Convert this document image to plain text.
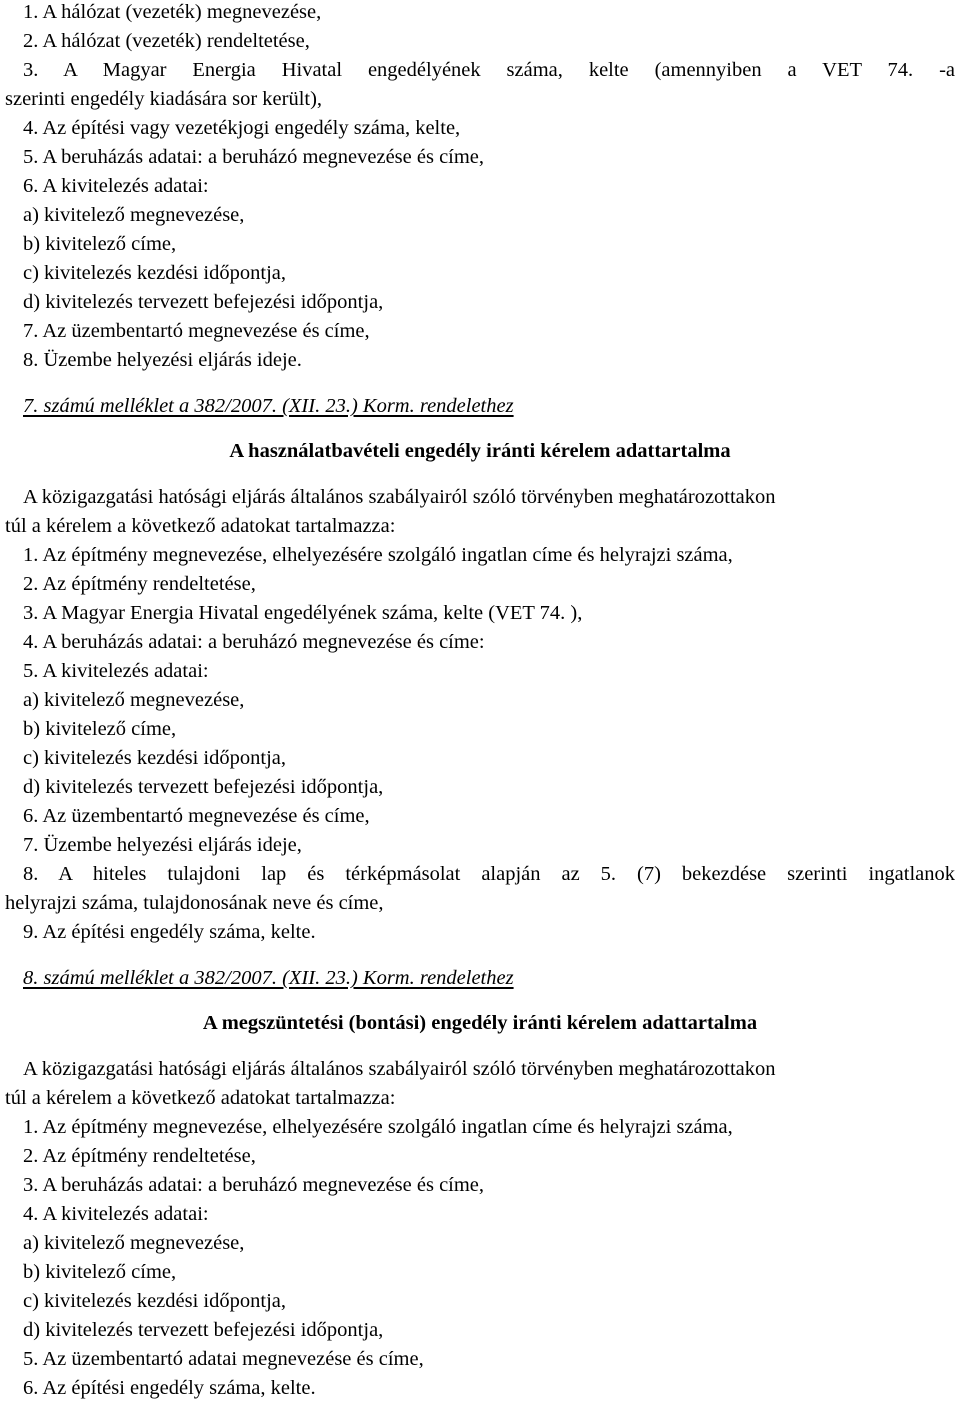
1. A hálózat (vezeték) megnevezése,
2. A hálózat (vezeték) rendeltetése,
3. A Magyar Energia Hivatal engedélyének száma, kelte (amennyiben a VET 74. -a
szerinti engedély kiadására sor került),
4. Az építési vagy vezetékjogi engedély száma, kelte,
5. A beruházás adatai: a beruházó megnevezése és címe,
6. A kivitelezés adatai:
a) kivitelező megnevezése,
b) kivitelező címe,
c) kivitelezés kezdési időpontja,
d) kivitelezés tervezett befejezési időpontja,
7. Az üzembentartó megnevezése és címe,
8. Üzembe helyezési eljárás ideje.
7. számú melléklet a 382/2007. (XII. 23.) Korm. rendelethez
A használatbavételi engedély iránti kérelem adattartalma
A közigazgatási hatósági eljárás általános szabályairól szóló törvényben meghatározottakon
túl a kérelem a következő adatokat tartalmazza:
1. Az építmény megnevezése, elhelyezésére szolgáló ingatlan címe és helyrajzi száma,
2. Az építmény rendeltetése,
3. A Magyar Energia Hivatal engedélyének száma, kelte (VET 74. ),
4. A beruházás adatai: a beruházó megnevezése és címe:
5. A kivitelezés adatai:
a) kivitelező megnevezése,
b) kivitelező címe,
c) kivitelezés kezdési időpontja,
d) kivitelezés tervezett befejezési időpontja,
6. Az üzembentartó megnevezése és címe,
7. Üzembe helyezési eljárás ideje,
8. A hiteles tulajdoni lap és térképmásolat alapján az 5. (7) bekezdése szerinti ingatlanok
helyrajzi száma, tulajdonosának neve és címe,
9. Az építési engedély száma, kelte.
8. számú melléklet a 382/2007. (XII. 23.) Korm. rendelethez
A megszüntetési (bontási) engedély iránti kérelem adattartalma
A közigazgatási hatósági eljárás általános szabályairól szóló törvényben meghatározottakon
túl a kérelem a következő adatokat tartalmazza:
1. Az építmény megnevezése, elhelyezésére szolgáló ingatlan címe és helyrajzi száma,
2. Az építmény rendeltetése,
3. A beruházás adatai: a beruházó megnevezése és címe,
4. A kivitelezés adatai:
a) kivitelező megnevezése,
b) kivitelező címe,
c) kivitelezés kezdési időpontja,
d) kivitelezés tervezett befejezési időpontja,
5. Az üzembentartó adatai megnevezése és címe,
6. Az építési engedély száma, kelte.
